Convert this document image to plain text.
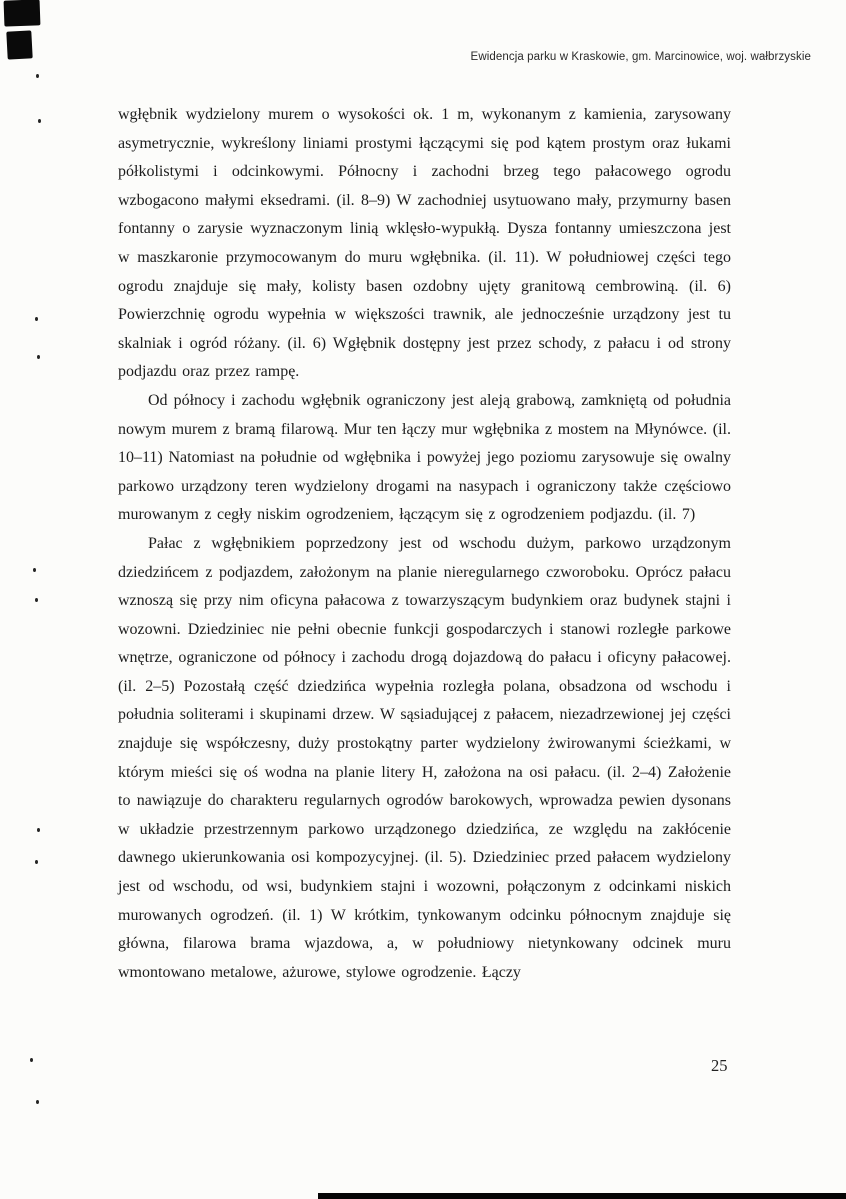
Ewidencja parku w Kraskowie, gm. Marcinowice, woj. wałbrzyskie

wgłębnik wydzielony murem o wysokości ok. 1 m, wykonanym z kamienia, zarysowany asymetrycznie, wykreślony liniami prostymi łączącymi się pod kątem prostym oraz łukami półkolistymi i odcinkowymi. Północny i zachodni brzeg tego pałacowego ogrodu wzbogacono małymi eksedrami. (il. 8–9) W zachodniej usytuowano mały, przymurny basen fontanny o zarysie wyznaczonym linią wklęsło-wypukłą. Dysza fontanny umieszczona jest w maszkaronie przymocowanym do muru wgłębnika. (il. 11). W południowej części tego ogrodu znajduje się mały, kolisty basen ozdobny ujęty granitową cembrowiną. (il. 6) Powierzchnię ogrodu wypełnia w większości trawnik, ale jednocześnie urządzony jest tu skalniak i ogród różany. (il. 6) Wgłębnik dostępny jest przez schody, z pałacu i od strony podjazdu oraz przez rampę.

Od północy i zachodu wgłębnik ograniczony jest aleją grabową, zamkniętą od południa nowym murem z bramą filarową. Mur ten łączy mur wgłębnika z mostem na Młynówce. (il. 10–11) Natomiast na południe od wgłębnika i powyżej jego poziomu zarysowuje się owalny parkowo urządzony teren wydzielony drogami na nasypach i ograniczony także częściowo murowanym z cegły niskim ogrodzeniem, łączącym się z ogrodzeniem podjazdu. (il. 7)

Pałac z wgłębnikiem poprzedzony jest od wschodu dużym, parkowo urządzonym dziedzińcem z podjazdem, założonym na planie nieregularnego czworoboku. Oprócz pałacu wznoszą się przy nim oficyna pałacowa z towarzyszącym budynkiem oraz budynek stajni i wozowni. Dziedziniec nie pełni obecnie funkcji gospodarczych i stanowi rozległe parkowe wnętrze, ograniczone od północy i zachodu drogą dojazdową do pałacu i oficyny pałacowej. (il. 2–5) Pozostałą część dziedzińca wypełnia rozległa polana, obsadzona od wschodu i południa soliterami i skupinami drzew. W sąsiadującej z pałacem, niezadrzewionej jej części znajduje się współczesny, duży prostokątny parter wydzielony żwirowanymi ścieżkami, w którym mieści się oś wodna na planie litery H, założona na osi pałacu. (il. 2–4) Założenie to nawiązuje do charakteru regularnych ogrodów barokowych, wprowadza pewien dysonans w układzie przestrzennym parkowo urządzonego dziedzińca, ze względu na zakłócenie dawnego ukierunkowania osi kompozycyjnej. (il. 5). Dziedziniec przed pałacem wydzielony jest od wschodu, od wsi, budynkiem stajni i wozowni, połączonym z odcinkami niskich murowanych ogrodzeń. (il. 1) W krótkim, tynkowanym odcinku północnym znajduje się główna, filarowa brama wjazdowa, a, w południowy nietynkowany odcinek muru wmontowano metalowe, ażurowe, stylowe ogrodzenie. Łączy

25
